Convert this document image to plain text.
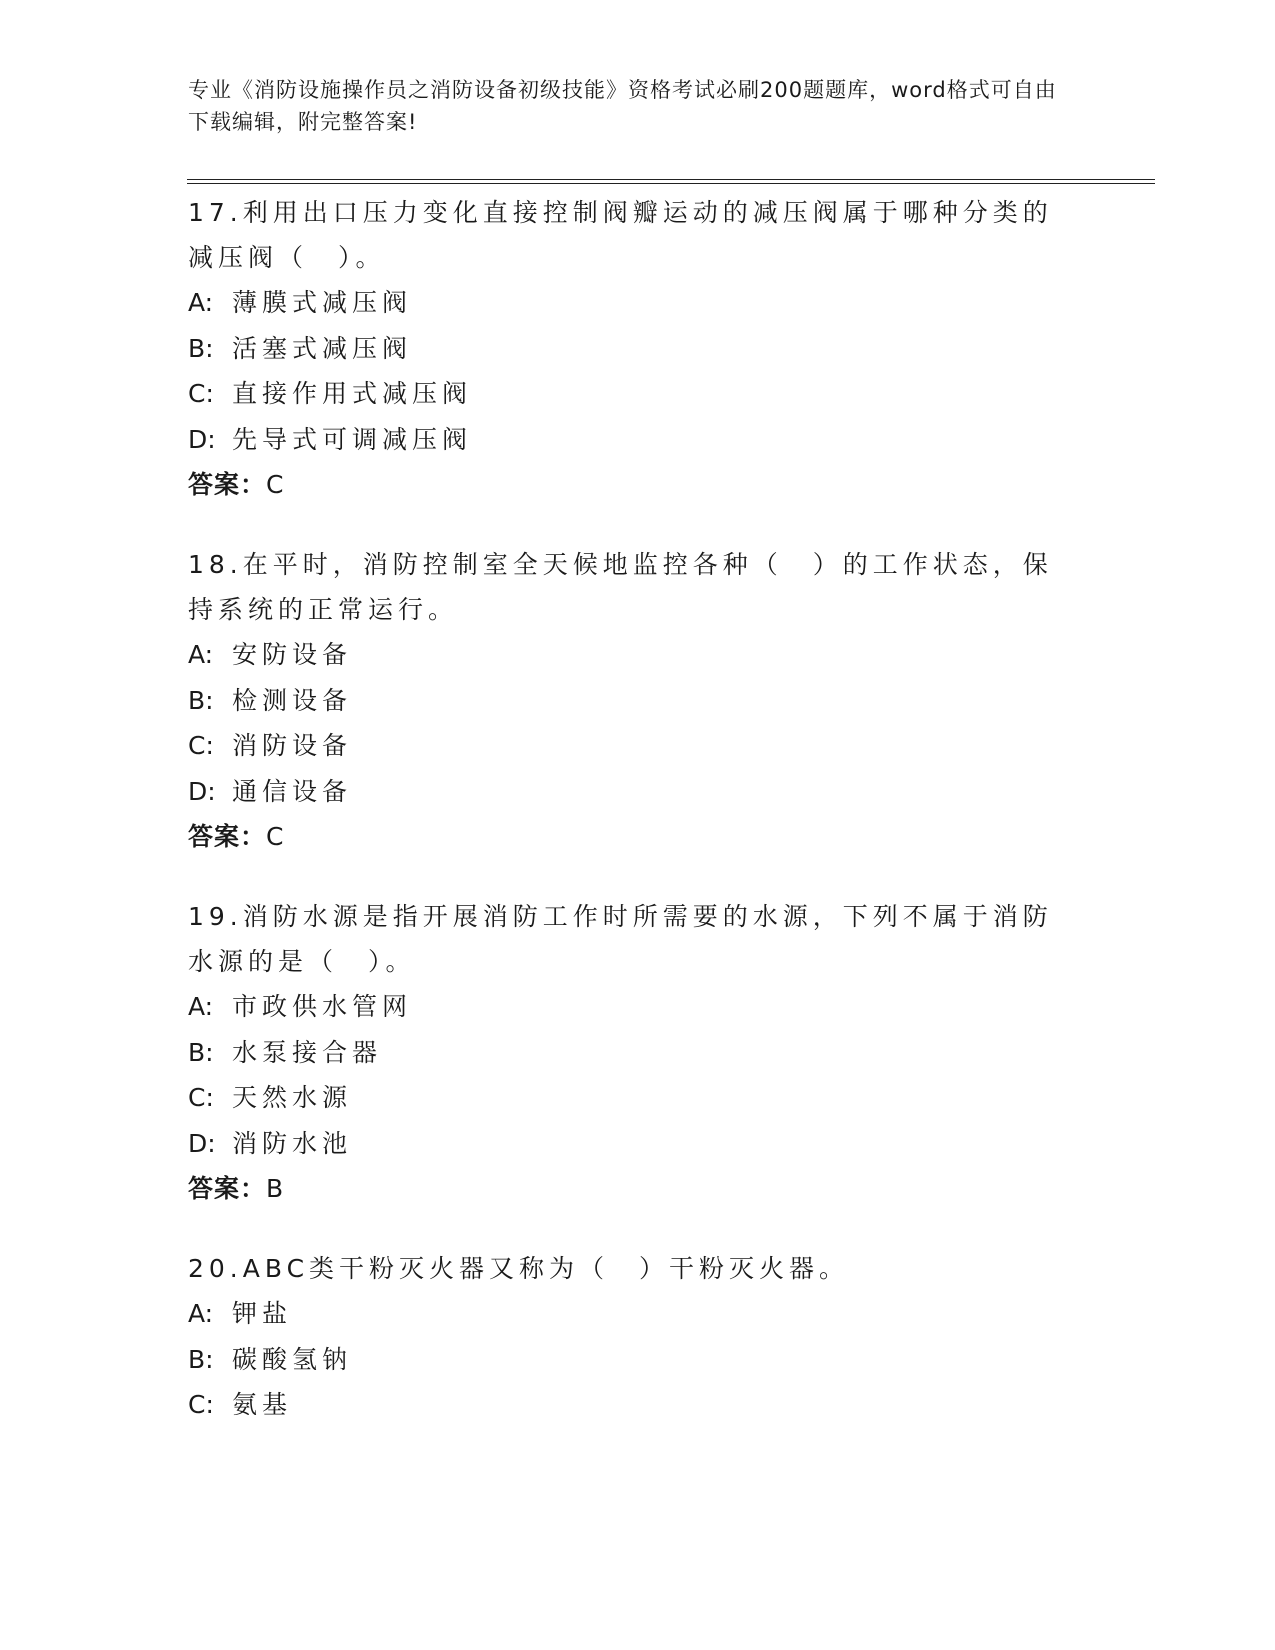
专业《消防设施操作员之消防设备初级技能》资格考试必刷200题题库，word格式可自由下载编辑，附完整答案!
17.利用出口压力变化直接控制阀瓣运动的减压阀属于哪种分类的减压阀（　）。
A: 薄膜式减压阀
B: 活塞式减压阀
C: 直接作用式减压阀
D: 先导式可调减压阀
答案：C
18.在平时，消防控制室全天候地监控各种（　）的工作状态，保持系统的正常运行。
A: 安防设备
B: 检测设备
C: 消防设备
D: 通信设备
答案：C
19.消防水源是指开展消防工作时所需要的水源，下列不属于消防水源的是（　）。
A: 市政供水管网
B: 水泵接合器
C: 天然水源
D: 消防水池
答案：B
20.ABC类干粉灭火器又称为（　）干粉灭火器。
A: 钾盐
B: 碳酸氢钠
C: 氨基
